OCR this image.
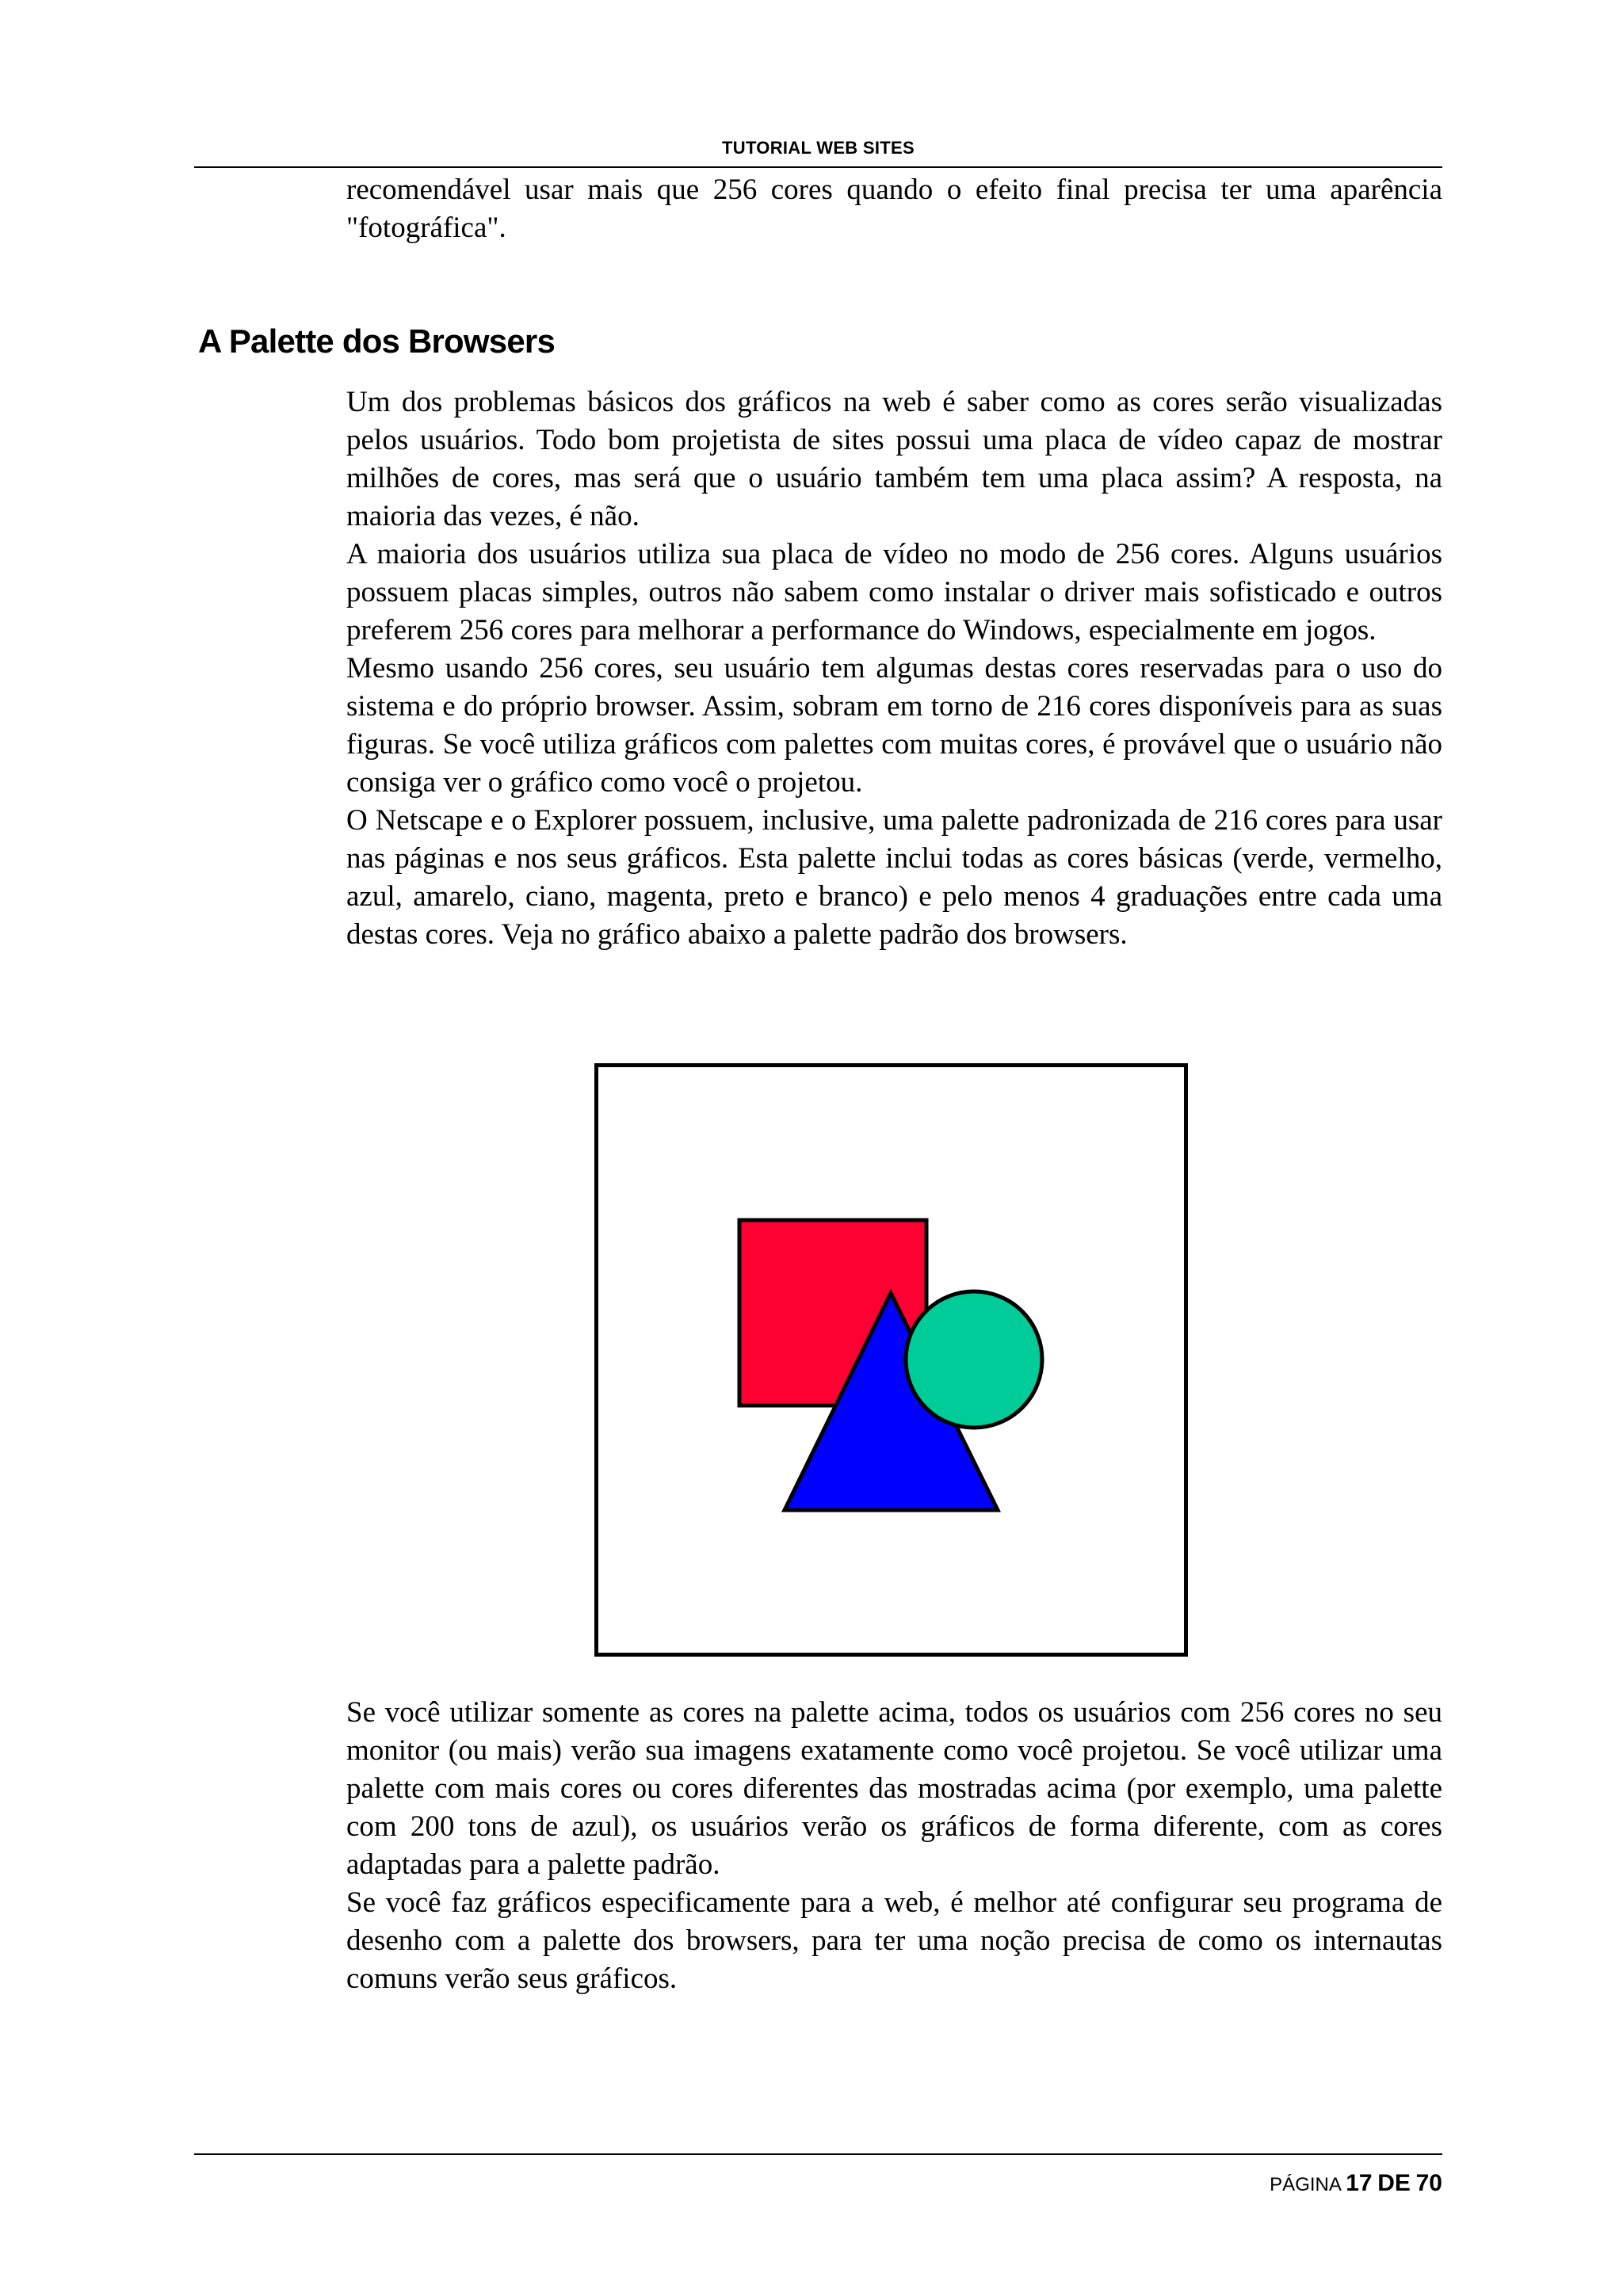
TUTORIAL WEB SITES

recomendável usar mais que 256 cores quando o efeito final precisa ter uma aparência "fotográfica".

A Palette dos Browsers

Um dos problemas básicos dos gráficos na web é saber como as cores serão visualizadas pelos usuários. Todo bom projetista de sites possui uma placa de vídeo capaz de mostrar milhões de cores, mas será que o usuário também tem uma placa assim? A resposta, na maioria das vezes, é não.

A maioria dos usuários utiliza sua placa de vídeo no modo de 256 cores. Alguns usuários possuem placas simples, outros não sabem como instalar o driver mais sofisticado e outros preferem 256 cores para melhorar a performance do Windows, especialmente em jogos.

Mesmo usando 256 cores, seu usuário tem algumas destas cores reservadas para o uso do sistema e do próprio browser. Assim, sobram em torno de 216 cores disponíveis para as suas figuras. Se você utiliza gráficos com palettes com muitas cores, é provável que o usuário não consiga ver o gráfico como você o projetou.

O Netscape e o Explorer possuem, inclusive, uma palette padronizada de 216 cores para usar nas páginas e nos seus gráficos. Esta palette inclui todas as cores básicas (verde, vermelho, azul, amarelo, ciano, magenta, preto e branco) e pelo menos 4 graduações entre cada uma destas cores. Veja no gráfico abaixo a palette padrão dos browsers.

Se você utilizar somente as cores na palette acima, todos os usuários com 256 cores no seu monitor (ou mais) verão sua imagens exatamente como você projetou. Se você utilizar uma palette com mais cores ou cores diferentes das mostradas acima (por exemplo, uma palette com 200 tons de azul), os usuários verão os gráficos de forma diferente, com as cores adaptadas para a palette padrão.

Se você faz gráficos especificamente para a web, é melhor até configurar seu programa de desenho com a palette dos browsers, para ter uma noção precisa de como os internautas comuns verão seus gráficos.

PÁGINA 17 DE 70
